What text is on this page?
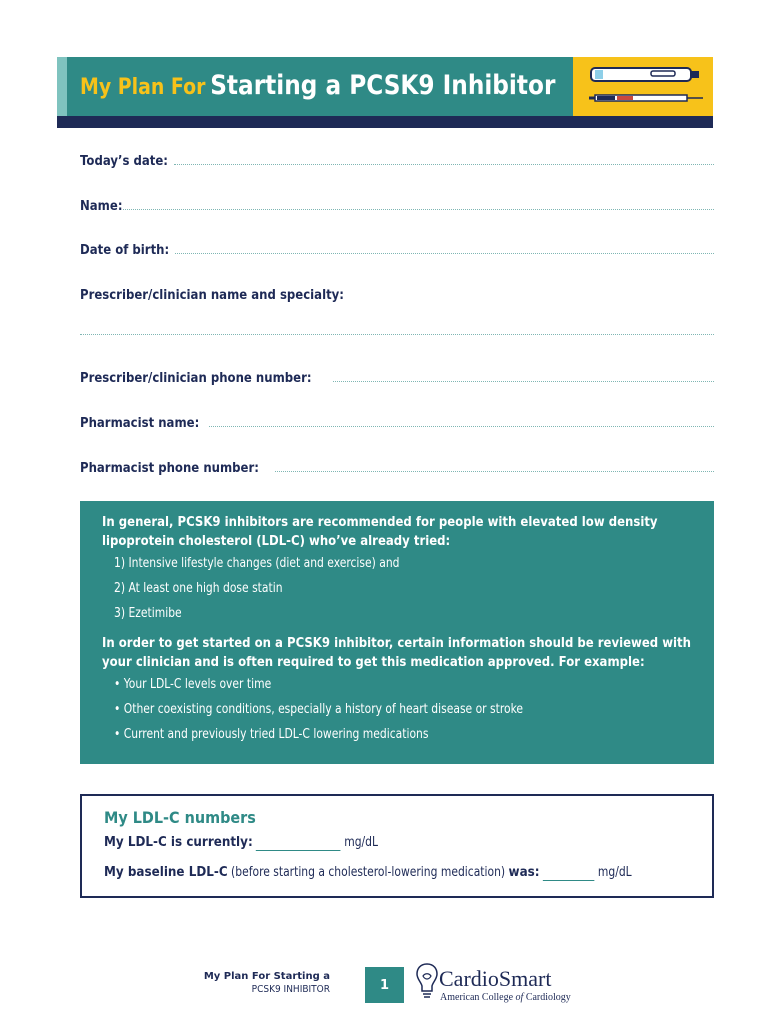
My Plan For Starting a PCSK9 Inhibitor
Today’s date:
Name:
Date of birth:
Prescriber/clinician name and specialty:
Prescriber/clinician phone number:
Pharmacist name:
Pharmacist phone number:
In general, PCSK9 inhibitors are recommended for people with elevated low density lipoprotein cholesterol (LDL-C) who’ve already tried:
1) Intensive lifestyle changes (diet and exercise) and
2) At least one high dose statin
3) Ezetimibe
In order to get started on a PCSK9 inhibitor, certain information should be reviewed with your clinician and is often required to get this medication approved. For example:
• Your LDL-C levels over time
• Other coexisting conditions, especially a history of heart disease or stroke
• Current and previously tried LDL-C lowering medications
My LDL-C numbers
My LDL-C is currently:	mg/dL
My baseline LDL-C (before starting a cholesterol-lowering medication) was:	mg/dL
My Plan For Starting a
PCSK9 INHIBITOR	1	CardioSmart
American College of Cardiology
